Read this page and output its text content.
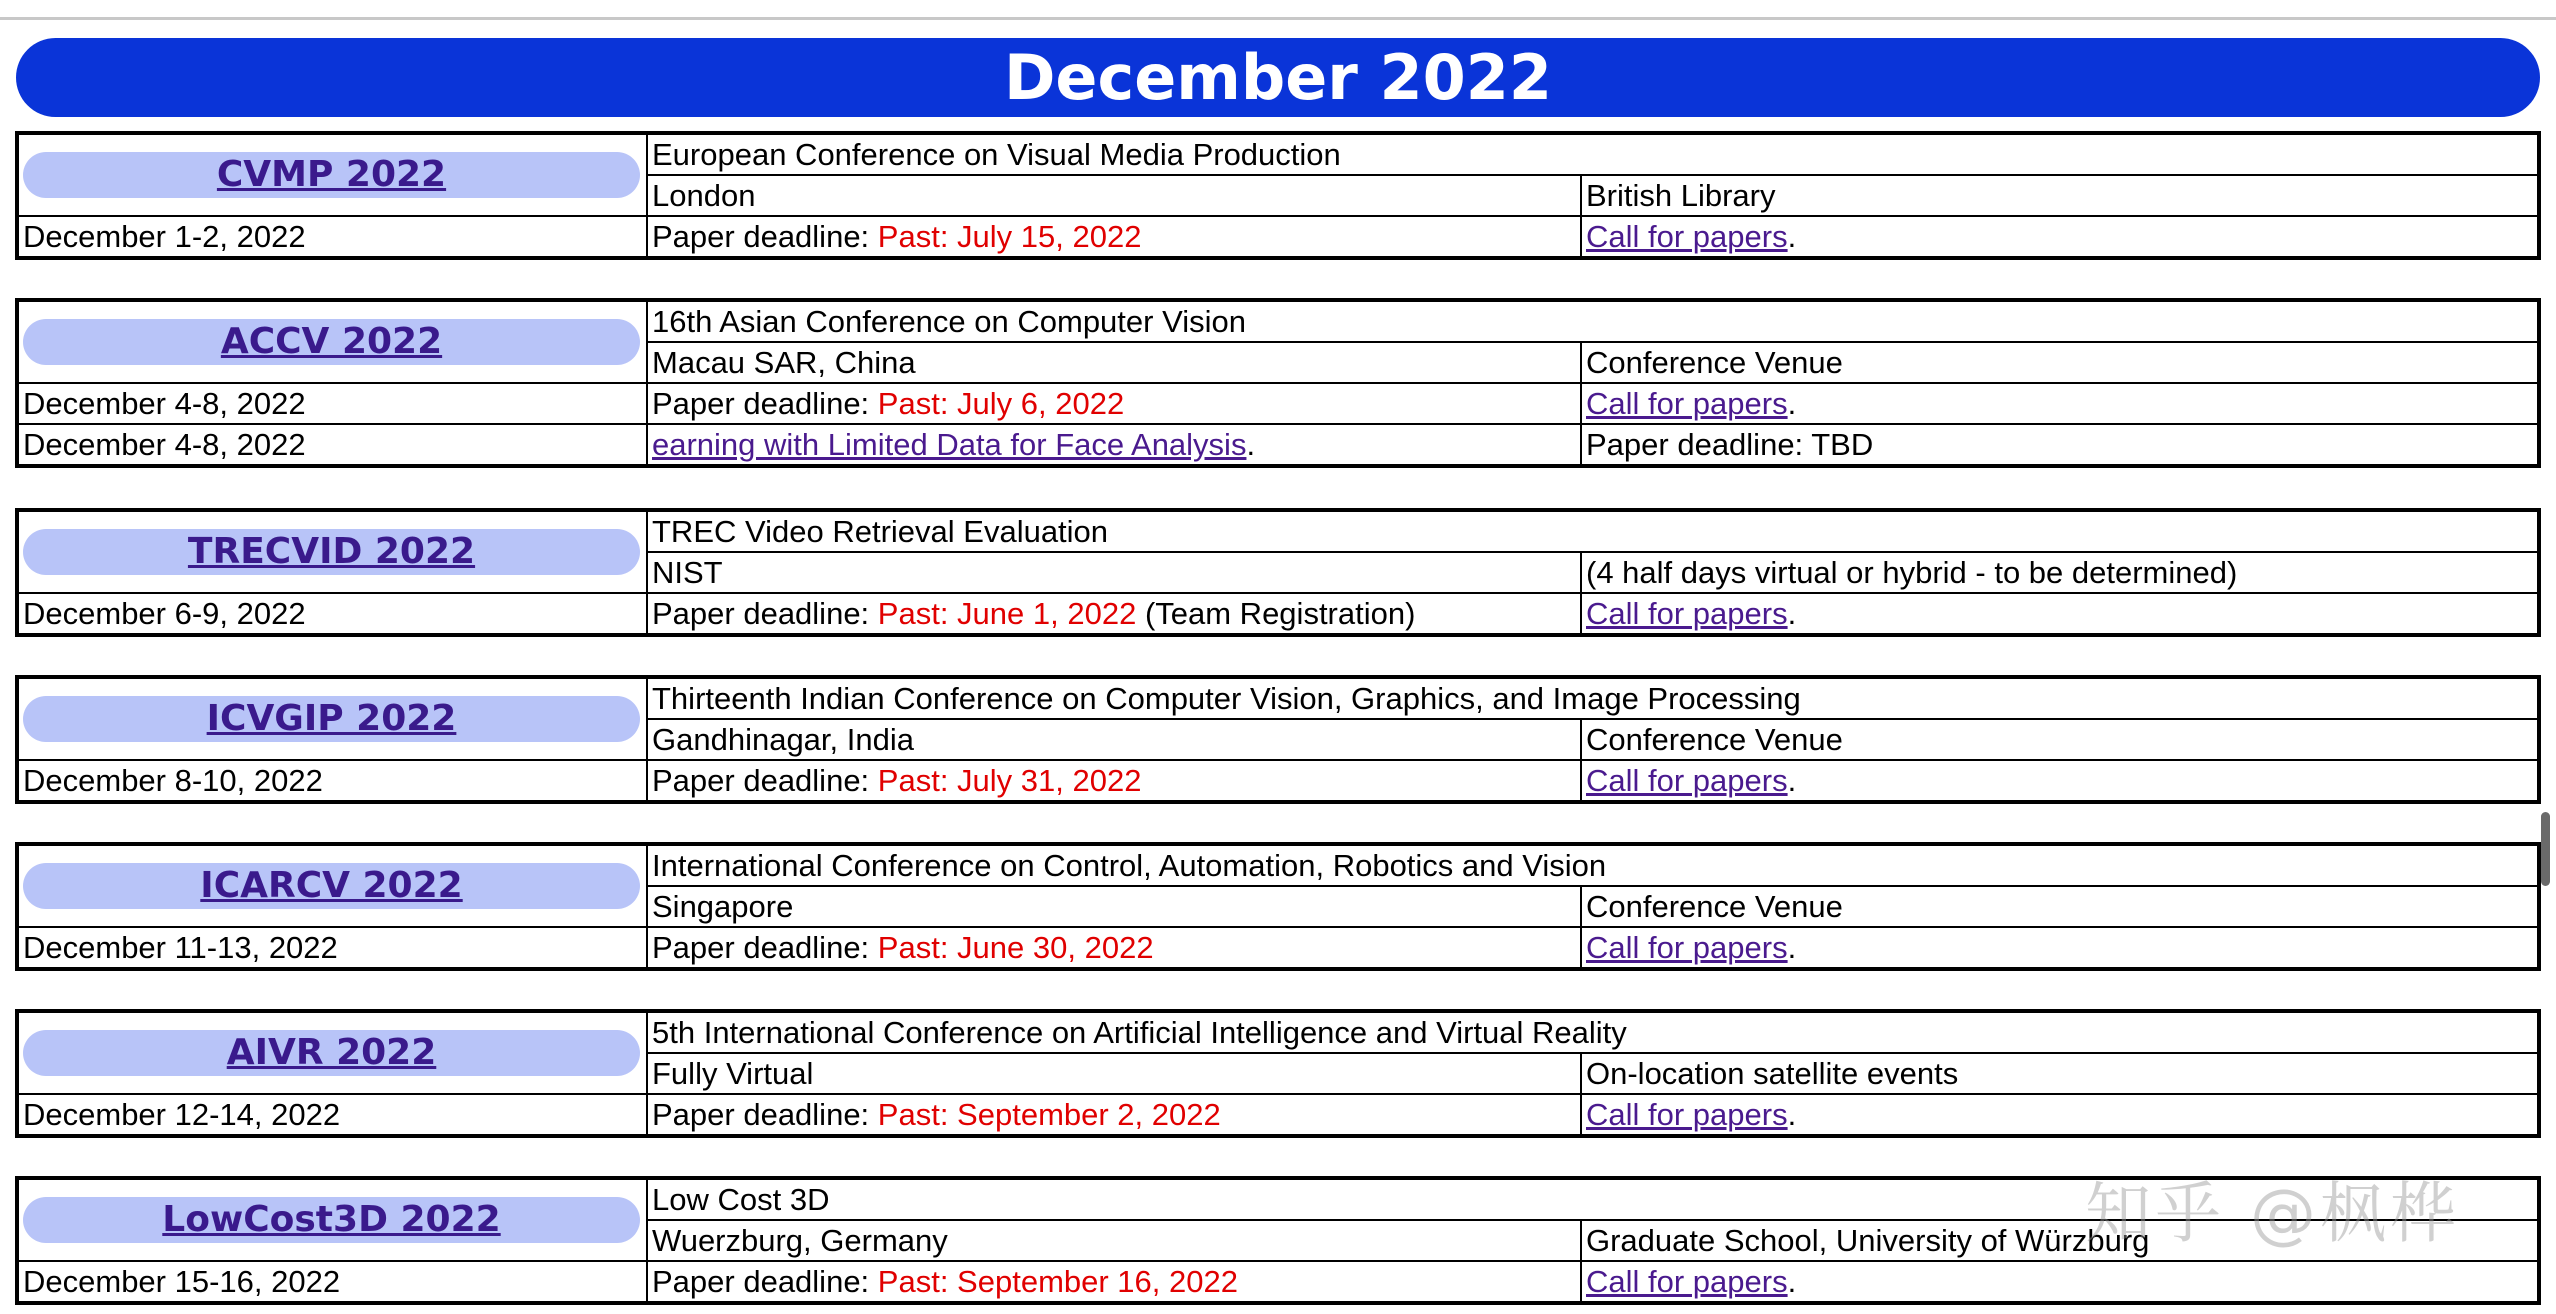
December 2022
CVMP 2022	European Conference on Visual Media Production	
	London	British Library
December 1-2, 2022	Paper deadline: Past: July 15, 2022	Call for papers.
ACCV 2022	16th Asian Conference on Computer Vision	
	Macau SAR, China	Conference Venue
December 4-8, 2022	Paper deadline: Past: July 6, 2022	Call for papers.
December 4-8, 2022	earning with Limited Data for Face Analysis.	Paper deadline: TBD
TRECVID 2022	TREC Video Retrieval Evaluation	
	NIST	(4 half days virtual or hybrid - to be determined)
December 6-9, 2022	Paper deadline: Past: June 1, 2022 (Team Registration)	Call for papers.
ICVGIP 2022	Thirteenth Indian Conference on Computer Vision, Graphics, and Image Processing	
	Gandhinagar, India	Conference Venue
December 8-10, 2022	Paper deadline: Past: July 31, 2022	Call for papers.
ICARCV 2022	International Conference on Control, Automation, Robotics and Vision	
	Singapore	Conference Venue
December 11-13, 2022	Paper deadline: Past: June 30, 2022	Call for papers.
AIVR 2022	5th International Conference on Artificial Intelligence and Virtual Reality	
	Fully Virtual	On-location satellite events
December 12-14, 2022	Paper deadline: Past: September 2, 2022	Call for papers.
LowCost3D 2022	Low Cost 3D	
	Wuerzburg, Germany	Graduate School, University of Würzburg
December 15-16, 2022	Paper deadline: Past: September 16, 2022	Call for papers.
知乎 @枫桦
